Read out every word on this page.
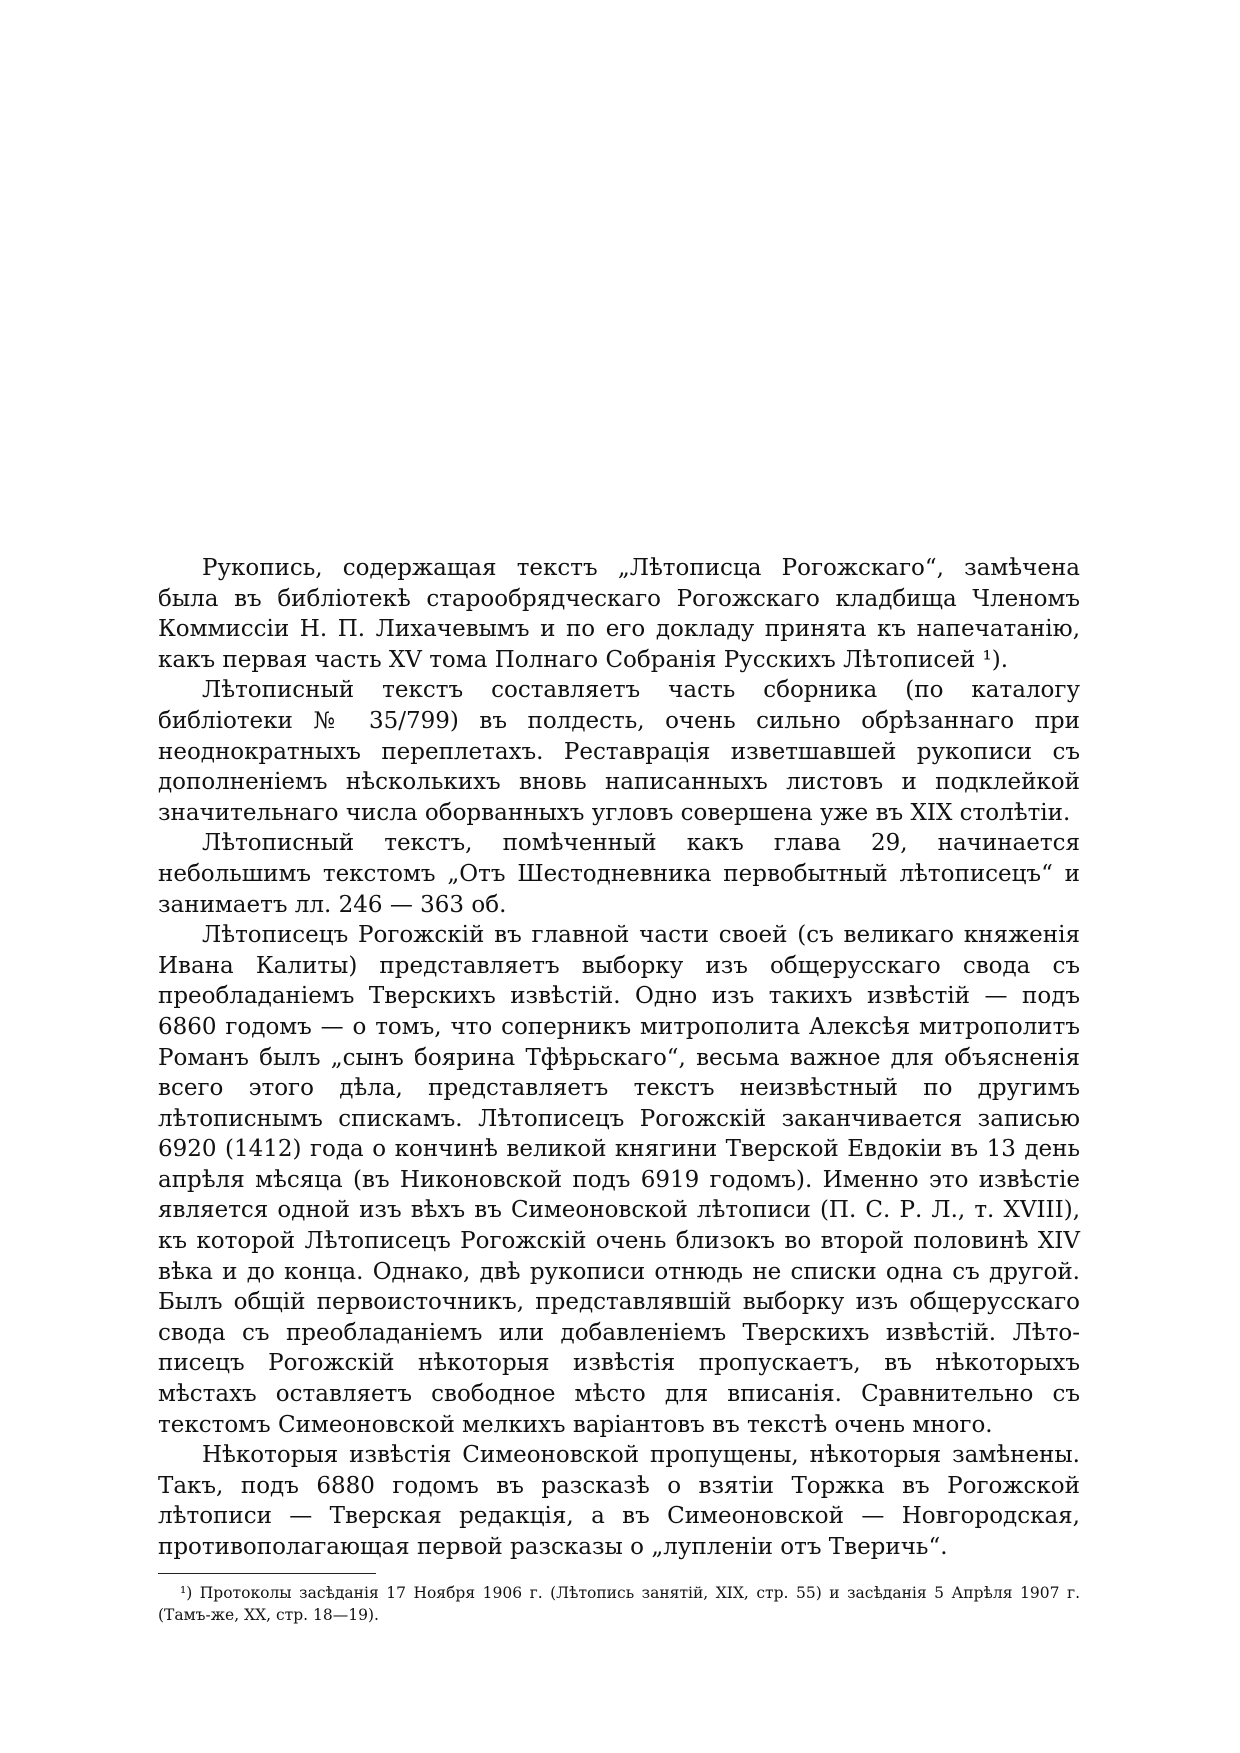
Рукопись, содержащая текстъ „Лѣтописца Рогожскаго“, замѣчена была въ библіотекѣ старообрядческаго Рогожскаго кладбища Членомъ Коммиссіи Н. П. Лихачевымъ и по его докладу принята къ напечатанію, какъ первая часть XV тома Полнаго Собранія Русскихъ Лѣтописей ¹).

Лѣтописный текстъ составляетъ часть сборника (по каталогу библіотеки № 35/799) въ полдесть, очень сильно обрѣзаннаго при неоднократныхъ переплетахъ. Реставрація изветшавшей рукописи съ дополненіемъ нѣсколькихъ вновь написанныхъ листовъ и подклейкой значительнаго числа оборванныхъ угловъ совершена уже въ XIX столѣтіи.

Лѣтописный текстъ, помѣченный какъ глава 29, начинается небольшимъ текстомъ „Отъ Шестодневника первобытный лѣтописецъ“ и занимаетъ лл. 246 — 363 об.

Лѣтописецъ Рогожскій въ главной части своей (съ великаго княженія Ивана Калиты) представляетъ выборку изъ общерусскаго свода съ преобладаніемъ Тверскихъ извѣстій. Одно изъ такихъ извѣстій — подъ 6860 годомъ — о томъ, что соперникъ митрополита Алексѣя митрополитъ Романъ былъ „сынъ боярина Тфѣрьскаго“, весьма важное для объясненія всего этого дѣла, представляетъ текстъ неизвѣстный по другимъ лѣтописнымъ спискамъ. Лѣтописецъ Рогожскій заканчивается записью 6920 (1412) года о кончинѣ великой княгини Тверской Евдокіи въ 13 день апрѣля мѣсяца (въ Никоновской подъ 6919 годомъ). Именно это извѣстіе является одной изъ вѣхъ въ Симеоновской лѣтописи (П. С. Р. Л., т. XVIII), къ которой Лѣтописецъ Рогожскій очень близокъ во второй половинѣ XIV вѣка и до конца. Однако, двѣ рукописи отнюдь не списки одна съ другой. Былъ общій первоисточникъ, представлявшій выборку изъ общерусскаго свода съ преобладаніемъ или добавленіемъ Тверскихъ извѣстій. Лѣтописецъ Рогожскій нѣкоторыя извѣстія пропускаетъ, въ нѣкоторыхъ мѣстахъ оставляетъ свободное мѣсто для вписанія. Сравнительно съ текстомъ Симеоновской мелкихъ варіантовъ въ текстѣ очень много.

Нѣкоторыя извѣстія Симеоновской пропущены, нѣкоторыя замѣнены. Такъ, подъ 6880 годомъ въ разсказѣ о взятіи Торжка въ Рогожской лѣтописи — Тверская редакція, а въ Симеоновской — Новгородская, противополагающая первой разсказы о „лупленіи отъ Тверичь“.

¹) Протоколы засѣданія 17 Ноября 1906 г. (Лѣтопись занятій, XIX, стр. 55) и засѣданія 5 Апрѣля 1907 г. (Тамъ-же, XX, стр. 18—19).
